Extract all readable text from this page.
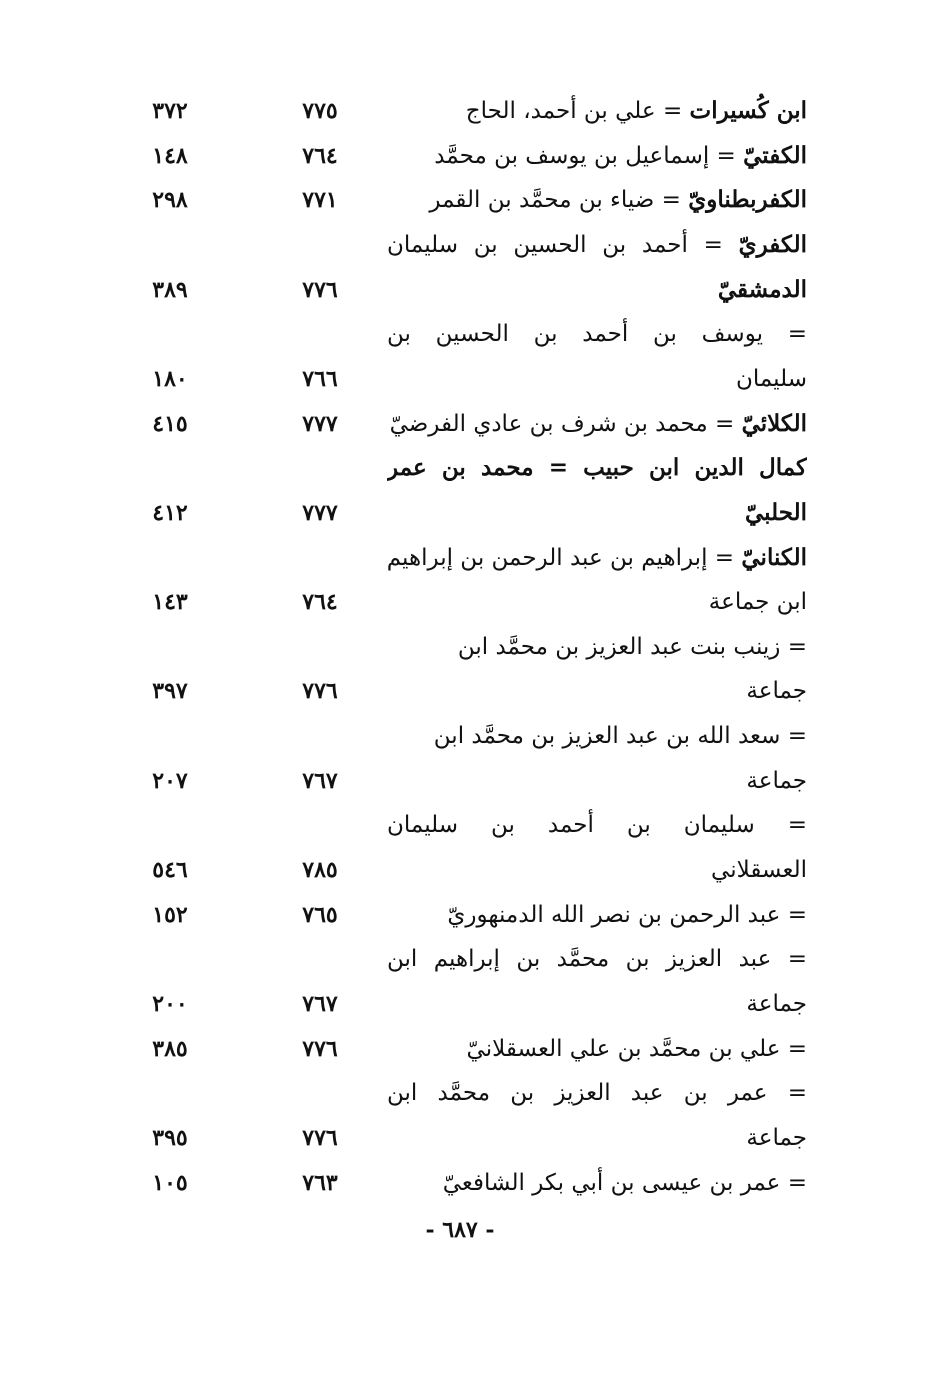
ابن كُسيرات = علي بن أحمد، الحاج
٧٧٥
٣٧٢
الكفتيّ = إسماعيل بن يوسف بن محمَّد
٧٦٤
١٤٨
الكفربطناويّ = ضياء بن محمَّد بن القمر
٧٧١
٢٩٨
الكفريّ = أحمد بن الحسين بن سليمان
الدمشقيّ
٧٧٦
٣٨٩
= يوسف بن أحمد بن الحسين بن
سليمان
٧٦٦
١٨٠
الكلائيّ = محمد بن شرف بن عادي الفرضيّ
٧٧٧
٤١٥
كمال الدين ابن حبيب = محمد بن عمر
الحلبيّ
٧٧٧
٤١٢
الكنانيّ = إبراهيم بن عبد الرحمن بن إبراهيم
ابن جماعة
٧٦٤
١٤٣
= زينب بنت عبد العزيز بن محمَّد ابن
جماعة
٧٧٦
٣٩٧
= سعد الله بن عبد العزيز بن محمَّد ابن
جماعة
٧٦٧
٢٠٧
= سليمان بن أحمد بن سليمان
العسقلاني
٧٨٥
٥٤٦
= عبد الرحمن بن نصر الله الدمنهوريّ
٧٦٥
١٥٢
= عبد العزيز بن محمَّد بن إبراهيم ابن
جماعة
٧٦٧
٢٠٠
= علي بن محمَّد بن علي العسقلانيّ
٧٧٦
٣٨٥
= عمر بن عبد العزيز بن محمَّد ابن
جماعة
٧٧٦
٣٩٥
= عمر بن عيسى بن أبي بكر الشافعيّ
٧٦٣
١٠٥
- ٦٨٧ -
